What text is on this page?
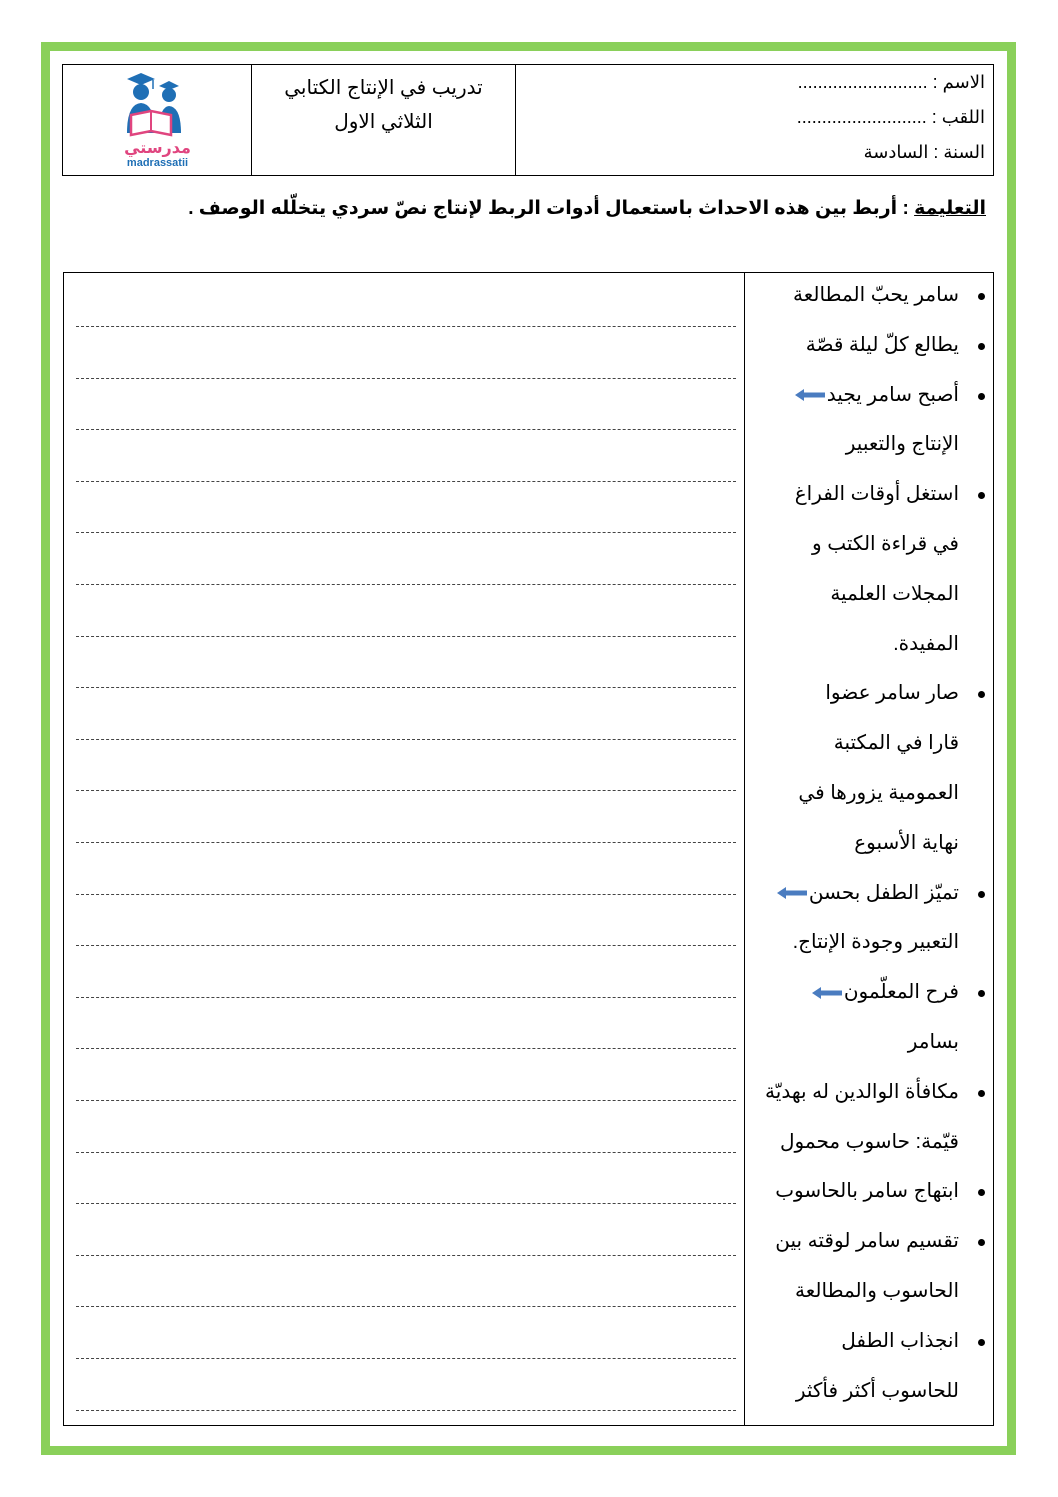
مدرستي
madrassatii
تدريب في الإنتاج الكتابي
الثلاثي الاول
الاسم : ..........................
اللقب : ..........................
السنة : السادسة
التعليمة : أربط بين هذه الاحداث باستعمال أدوات الربط لإنتاج نصّ سردي يتخلّله الوصف .
سامر يحبّ المطالعة
يطالع كلّ ليلة قصّة
أصبح سامر يجيد
الإنتاج والتعبير
استغل أوقات الفراغ
في قراءة الكتب و
المجلات العلمية
المفيدة.
صار سامر عضوا
قارا في المكتبة
العمومية يزورها في
نهاية الأسبوع
تميّز الطفل بحسن
التعبير وجودة الإنتاج.
فرح المعلّمون
بسامر
مكافأة الوالدين له بهديّة
قيّمة: حاسوب محمول
ابتهاج سامر بالحاسوب
تقسيم سامر لوقته بين
الحاسوب والمطالعة
انجذاب الطفل
للحاسوب أكثر فأكثر
